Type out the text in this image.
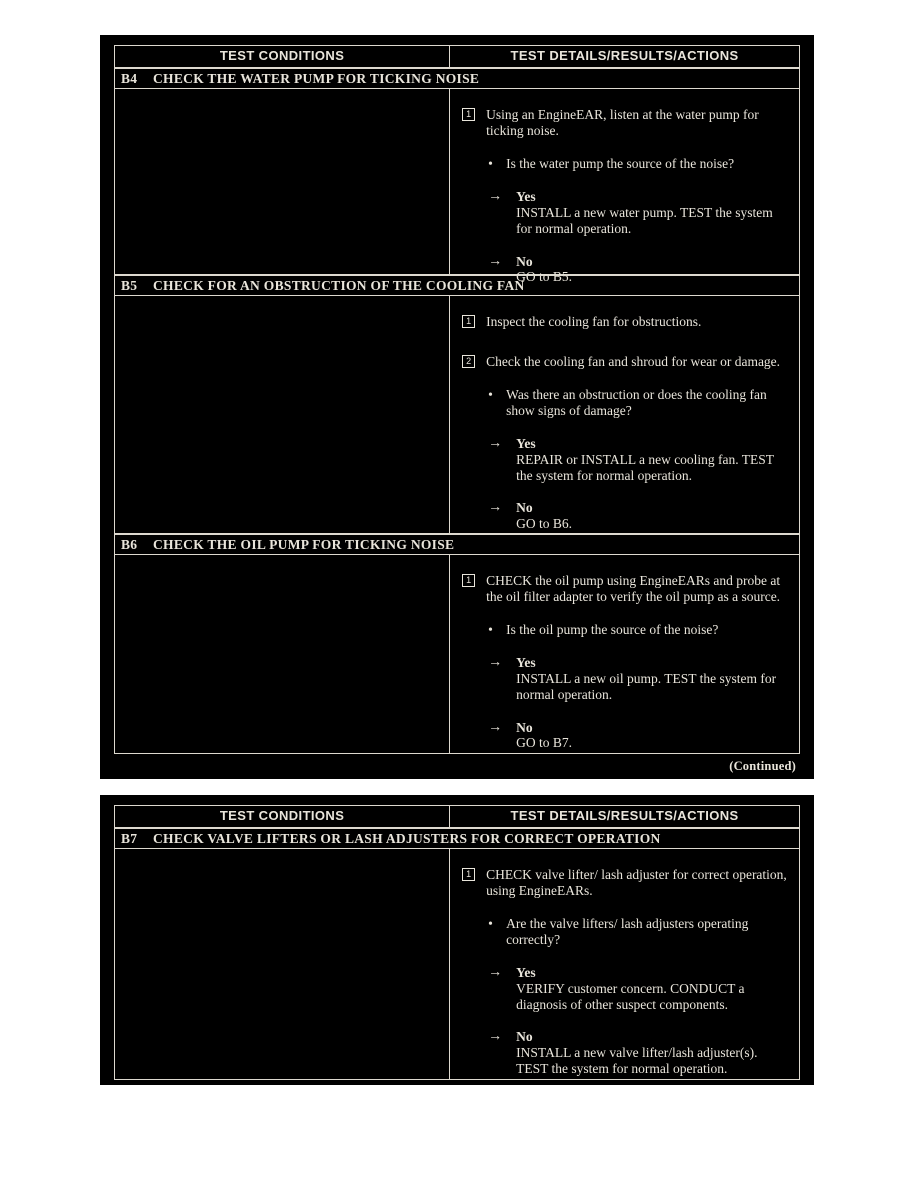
TEST CONDITIONS	TEST DETAILS/RESULTS/ACTIONS
B4 CHECK THE WATER PUMP FOR TICKING NOISE
1 Using an EngineEAR, listen at the water pump for ticking noise.
• Is the water pump the source of the noise?
→	Yes
INSTALL a new water pump. TEST the system for normal operation.
→	No
GO to B5.
B5 CHECK FOR AN OBSTRUCTION OF THE COOLING FAN
1 Inspect the cooling fan for obstructions.
2 Check the cooling fan and shroud for wear or damage.
• Was there an obstruction or does the cooling fan show signs of damage?
→	Yes
REPAIR or INSTALL a new cooling fan. TEST the system for normal operation.
→	No
GO to B6.
B6 CHECK THE OIL PUMP FOR TICKING NOISE
1 CHECK the oil pump using EngineEARs and probe at the oil filter adapter to verify the oil pump as a source.
• Is the oil pump the source of the noise?
→	Yes
INSTALL a new oil pump. TEST the system for normal operation.
→	No
GO to B7.
(Continued)
TEST CONDITIONS	TEST DETAILS/RESULTS/ACTIONS
B7 CHECK VALVE LIFTERS OR LASH ADJUSTERS FOR CORRECT OPERATION
1 CHECK valve lifter/ lash adjuster for correct operation, using EngineEARs.
• Are the valve lifters/ lash adjusters operating correctly?
→	Yes
VERIFY customer concern. CONDUCT a diagnosis of other suspect components.
→	No
INSTALL a new valve lifter/lash adjuster(s). TEST the system for normal operation.
